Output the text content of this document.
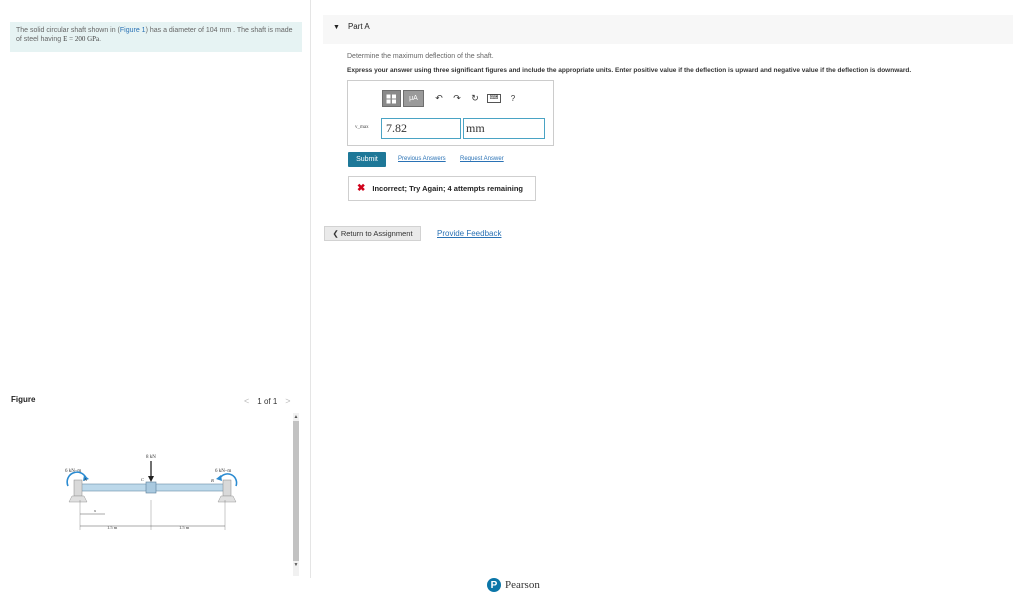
The solid circular shaft shown in (Figure 1) has a diameter of 104 mm . The shaft is made of steel having E = 200 GPa.
Figure	< 1 of 1 >
6 kN–m	6 kN–m
8 kN
A	B
C
x
1.5 m	1.5 m
▲
▼
▼ Part A
Determine the maximum deflection of the shaft.
Express your answer using three significant figures and include the appropriate units. Enter positive value if the deflection is upward and negative value if the deflection is downward.
μA	↶	↷	↻	⌨	?
v_max	7.82	mm
Submit	Previous Answers Request Answer
✖ Incorrect; Try Again; 4 attempts remaining
❮ Return to Assignment	Provide Feedback
P Pearson
